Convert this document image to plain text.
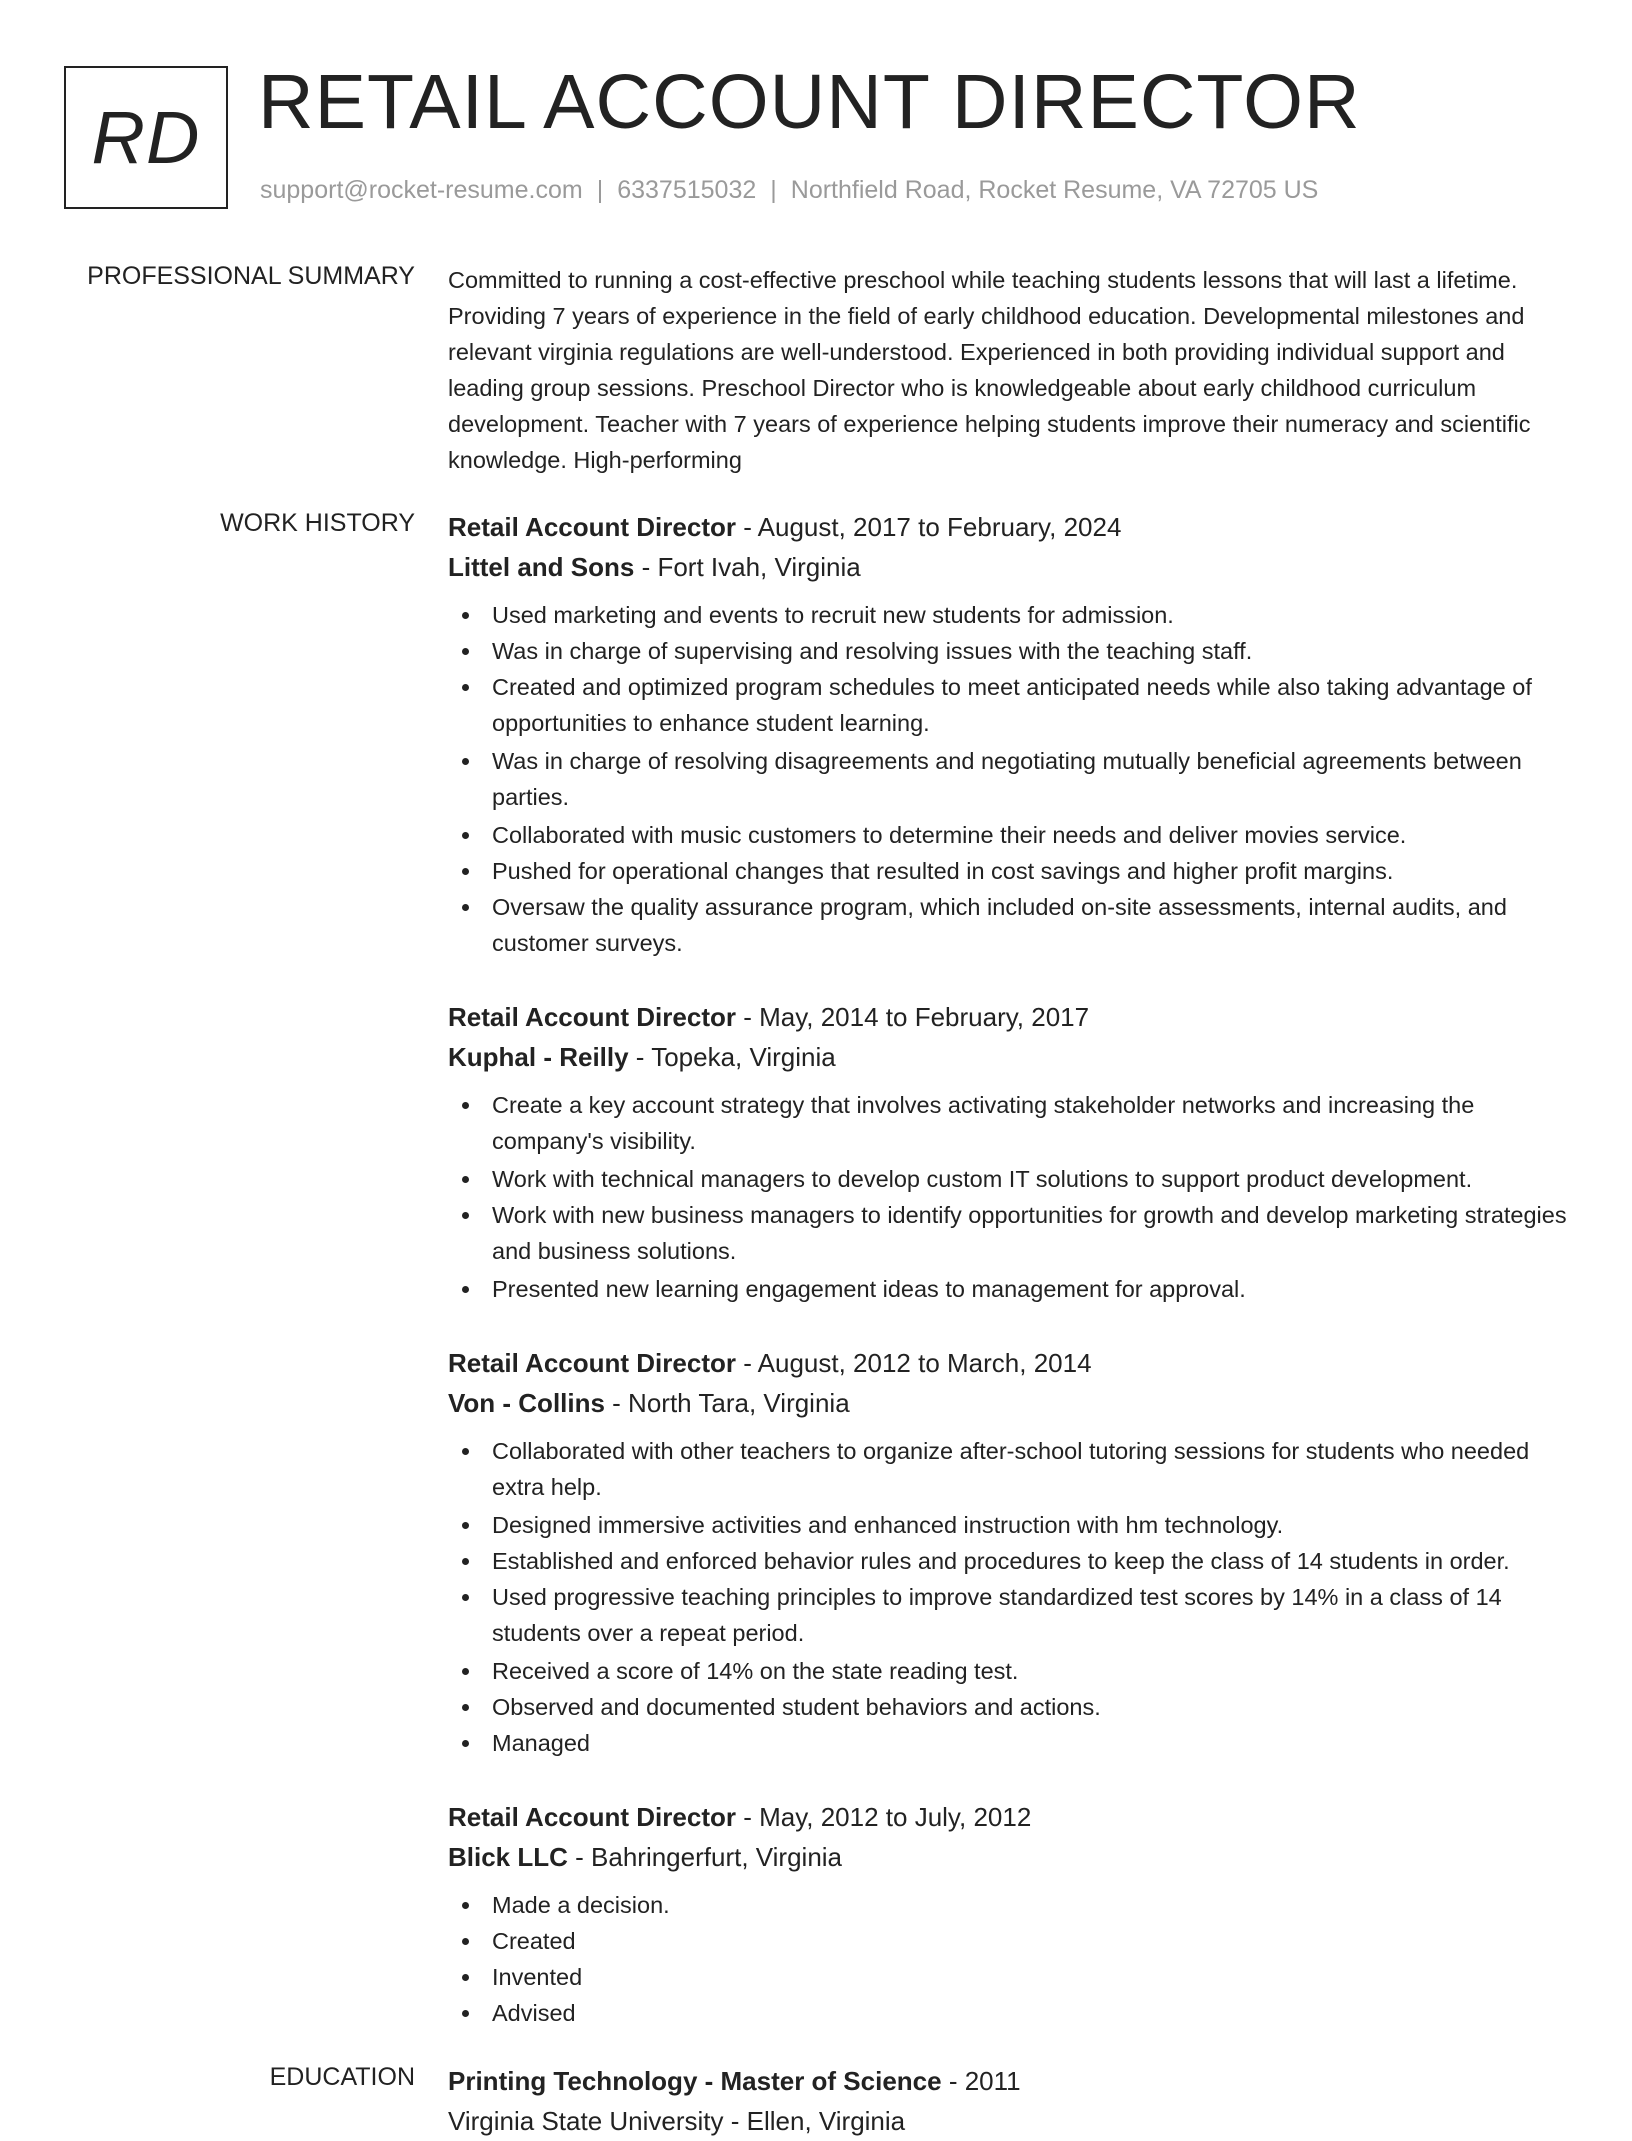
RD RETAIL ACCOUNT DIRECTOR
support@rocket-resume.com | 6337515032 | Northfield Road, Rocket Resume, VA 72705 US
PROFESSIONAL SUMMARY Committed to running a cost-effective preschool while teaching students lessons that will last a lifetime. Providing 7 years of experience in the field of early childhood education. Developmental milestones and relevant virginia regulations are well-understood. Experienced in both providing individual support and leading group sessions. Preschool Director who is knowledgeable about early childhood curriculum development. Teacher with 7 years of experience helping students improve their numeracy and scientific knowledge. High-performing
WORK HISTORY Retail Account Director - August, 2017 to February, 2024
Littel and Sons - Fort Ivah, Virginia
Used marketing and events to recruit new students for admission.
Was in charge of supervising and resolving issues with the teaching staff.
Created and optimized program schedules to meet anticipated needs while also taking advantage of opportunities to enhance student learning.
Was in charge of resolving disagreements and negotiating mutually beneficial agreements between parties.
Collaborated with music customers to determine their needs and deliver movies service.
Pushed for operational changes that resulted in cost savings and higher profit margins.
Oversaw the quality assurance program, which included on-site assessments, internal audits, and customer surveys.
Retail Account Director - May, 2014 to February, 2017
Kuphal - Reilly - Topeka, Virginia
Create a key account strategy that involves activating stakeholder networks and increasing the company's visibility.
Work with technical managers to develop custom IT solutions to support product development.
Work with new business managers to identify opportunities for growth and develop marketing strategies and business solutions.
Presented new learning engagement ideas to management for approval.
Retail Account Director - August, 2012 to March, 2014
Von - Collins - North Tara, Virginia
Collaborated with other teachers to organize after-school tutoring sessions for students who needed extra help.
Designed immersive activities and enhanced instruction with hm technology.
Established and enforced behavior rules and procedures to keep the class of 14 students in order.
Used progressive teaching principles to improve standardized test scores by 14% in a class of 14 students over a repeat period.
Received a score of 14% on the state reading test.
Observed and documented student behaviors and actions.
Managed
Retail Account Director - May, 2012 to July, 2012
Blick LLC - Bahringerfurt, Virginia
Made a decision.
Created
Invented
Advised
EDUCATION Printing Technology - Master of Science - 2011
Virginia State University - Ellen, Virginia
